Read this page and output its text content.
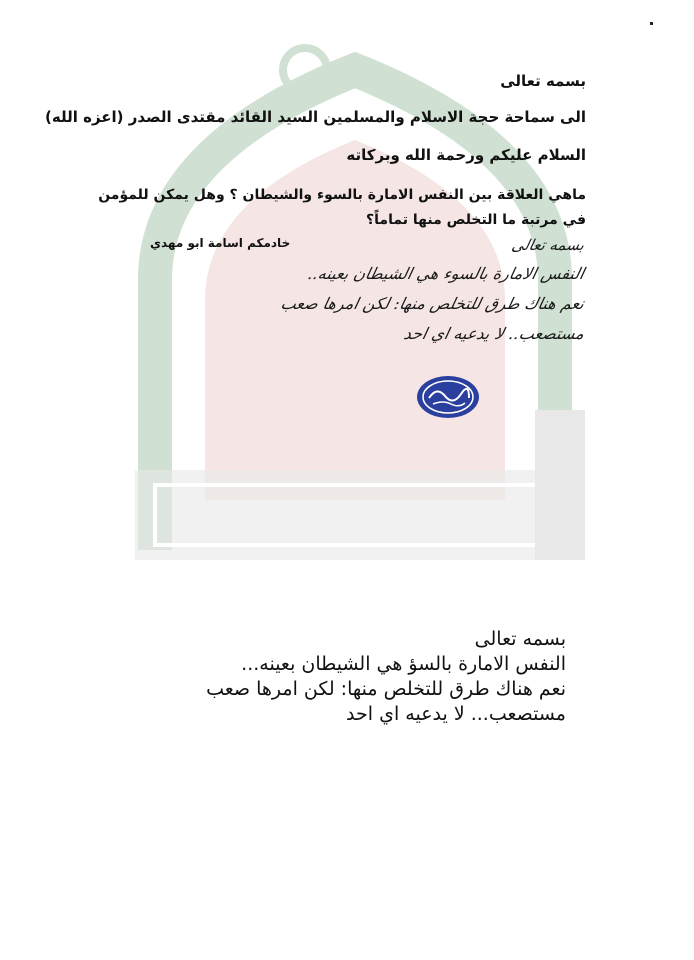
بسمه تعالى
الى سماحة حجة الاسلام والمسلمين السيد القائد مقتدى الصدر (اعزه الله)
السلام عليكم ورحمة الله وبركاته
ماهي العلاقة بين النفس الامارة بالسوء والشيطان ؟ وهل يمكن للمؤمن في مرتبة ما التخلص منها تماماً؟
خادمكم اسامة ابو مهدي	بسمه تعالى
النفس الامارة بالسوء هي الشيطان بعينه..
نعم هناك طرق للتخلص منها: لكن امرها صعب
مستصعب.. لا يدعيه اي احد
بسمه تعالى
النفس الامارة بالسؤ هي الشيطان بعينه...
نعم هناك طرق للتخلص منها: لكن امرها صعب
مستصعب... لا يدعيه اي احد
